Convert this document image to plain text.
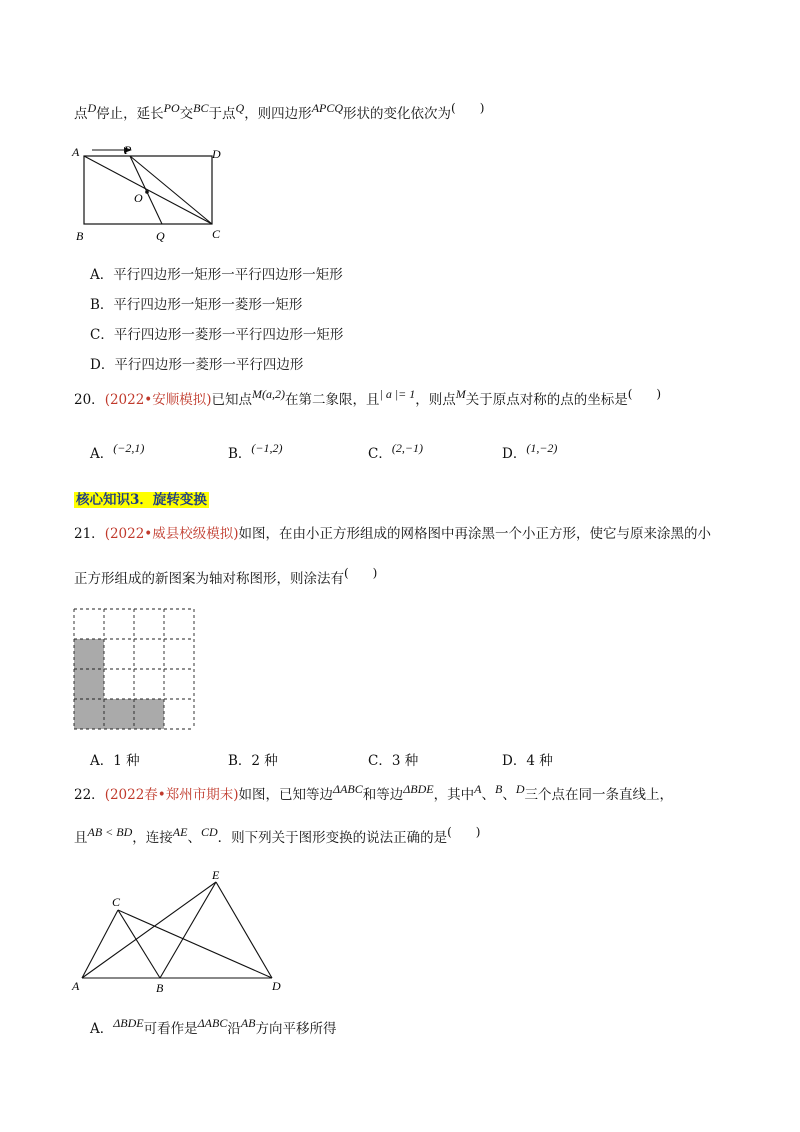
点D停止，延长PO交BC于点Q，则四边形APCQ形状的变化依次为(　　)
A	P	D
O
B	Q	C
A．平行四边形一矩形一平行四边形一矩形
B．平行四边形一矩形一菱形一矩形
C．平行四边形一菱形一平行四边形一矩形
D．平行四边形一菱形一平行四边形
20．(2022•安顺模拟)已知点M(a,2)在第二象限，且| a |= 1，则点M关于原点对称的点的坐标是(　　)
A．(−2,1)	B．(−1,2)	C．(2,−1)	D．(1,−2)
核心知识3．旋转变换
21．(2022•威县校级模拟)如图，在由小正方形组成的网格图中再涂黑一个小正方形，使它与原来涂黑的小
正方形组成的新图案为轴对称图形，则涂法有(　　)
A．1 种	B．2 种	C．3 种	D．4 种
22．(2022春•郑州市期末)如图，已知等边ΔABC和等边ΔBDE，其中A、B、D三个点在同一条直线上，
且AB < BD，连接AE、CD．则下列关于图形变换的说法正确的是(　　)
A	B
C
D
E
A．ΔBDE可看作是ΔABC沿AB方向平移所得
